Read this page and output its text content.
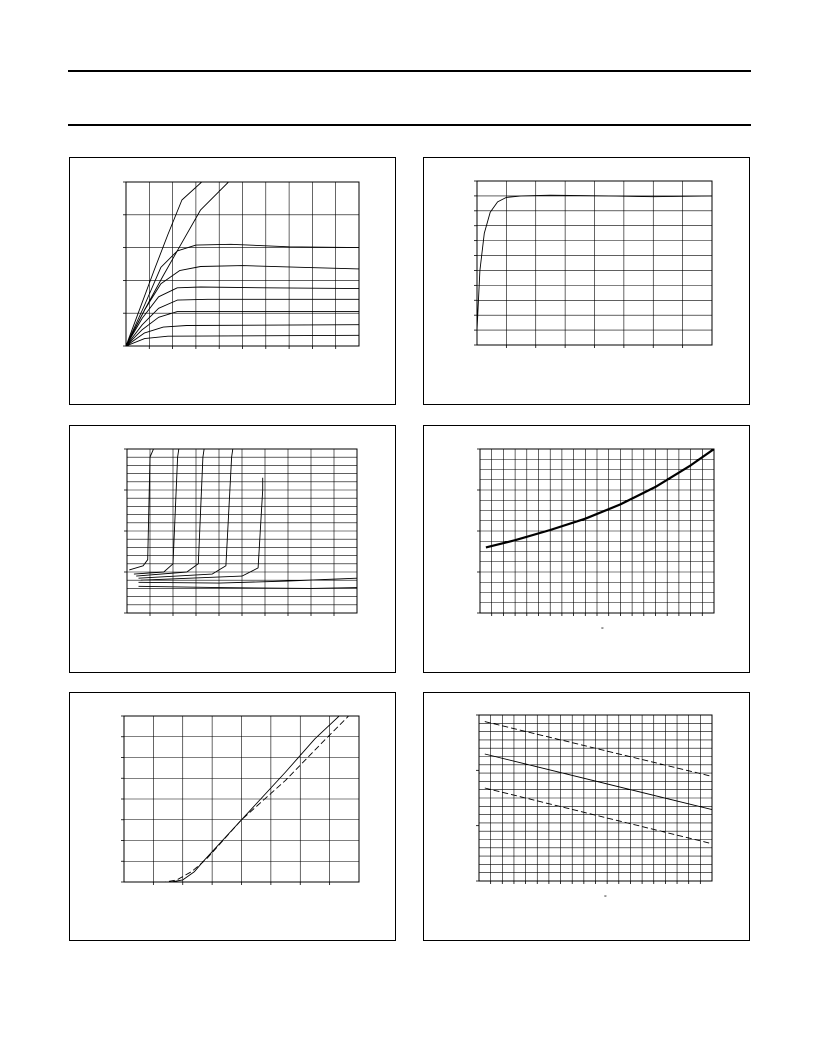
°
°
